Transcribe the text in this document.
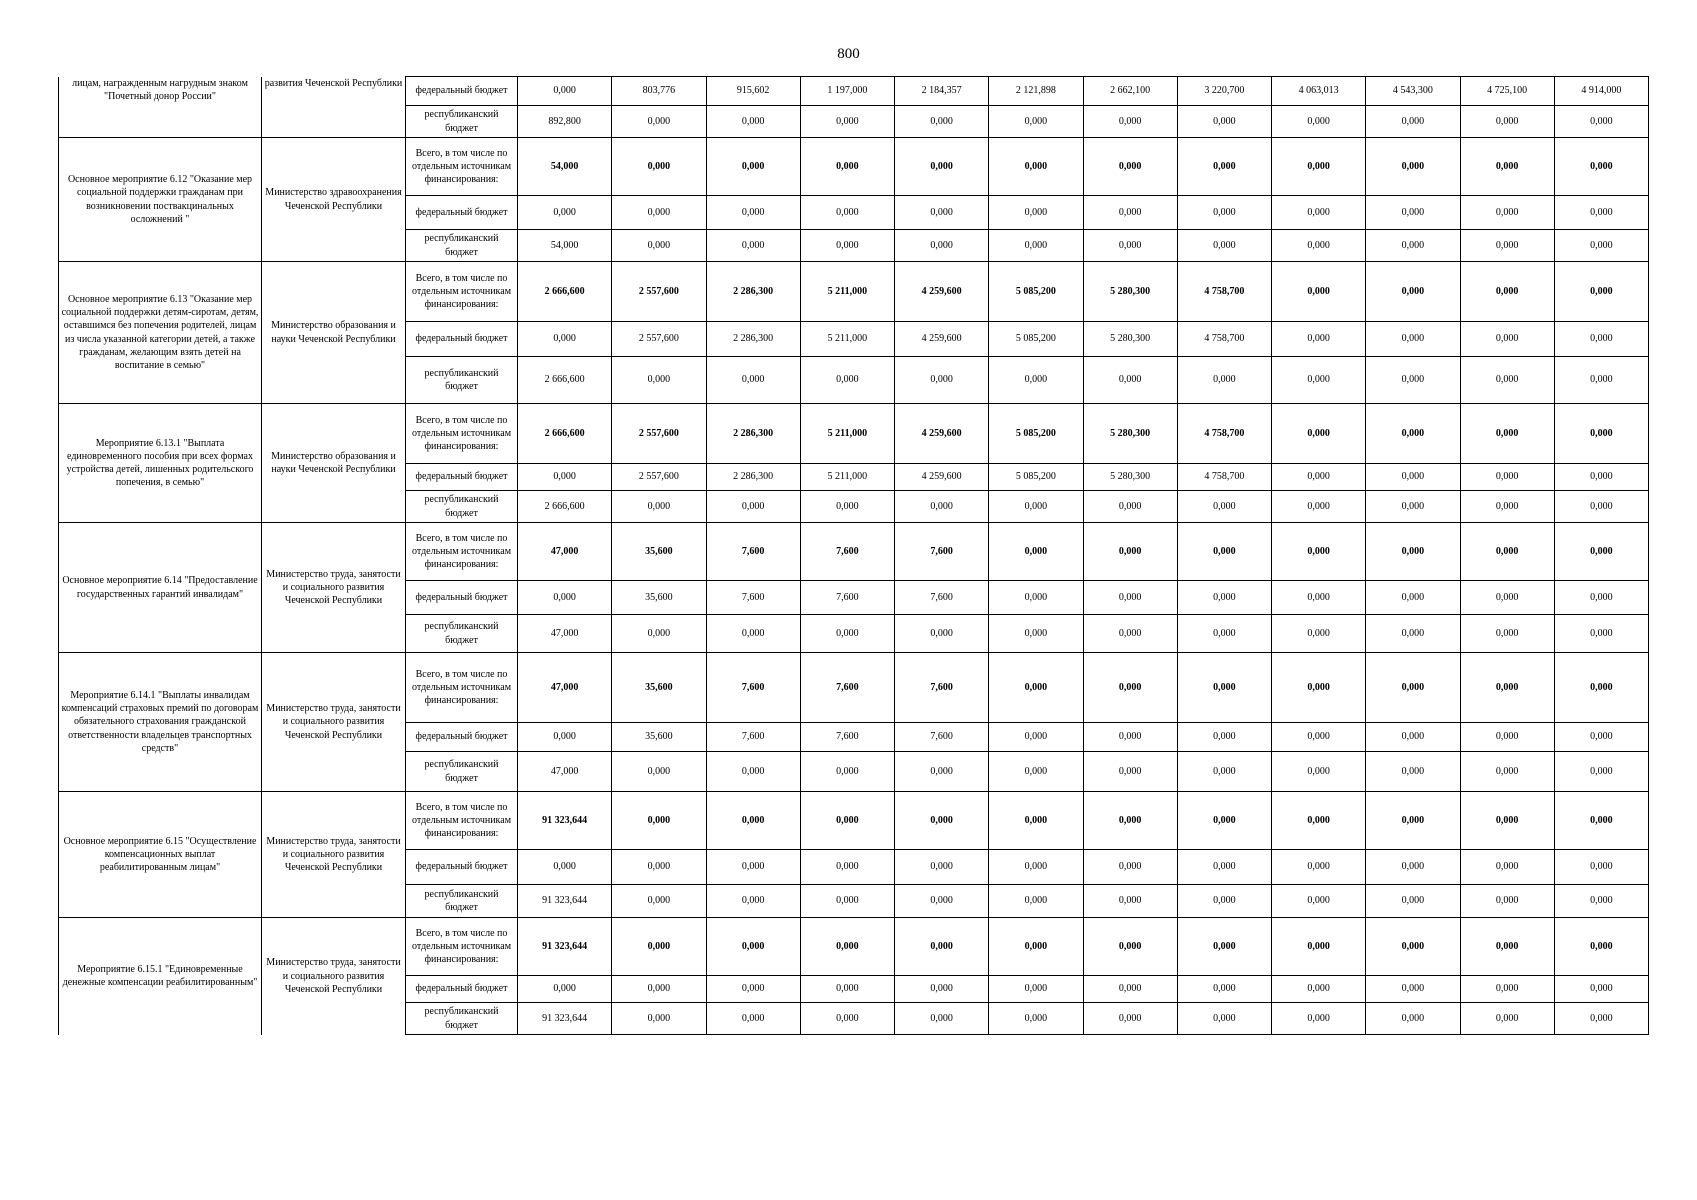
800
лицам, награжденным нагрудным знаком "Почетный донор России"	развития Чеченской Республики	федеральный бюджет	0,000	803,776	915,602	1 197,000	2 184,357	2 121,898	2 662,100	3 220,700	4 063,013	4 543,300	4 725,100	4 914,000
		республиканский бюджет	892,800	0,000	0,000	0,000	0,000	0,000	0,000	0,000	0,000	0,000	0,000	0,000
Основное мероприятие 6.12 "Оказание мер социальной поддержки гражданам при возникновении поствакцинальных осложнений "	Министерство здравоохранения Чеченской Республики	Всего, в том числе по отдельным источникам финансирования:	54,000	0,000	0,000	0,000	0,000	0,000	0,000	0,000	0,000	0,000	0,000	0,000
		федеральный бюджет	0,000	0,000	0,000	0,000	0,000	0,000	0,000	0,000	0,000	0,000	0,000	0,000
		республиканский бюджет	54,000	0,000	0,000	0,000	0,000	0,000	0,000	0,000	0,000	0,000	0,000	0,000
Основное мероприятие 6.13 "Оказание мер социальной поддержки детям-сиротам, детям, оставшимся без попечения родителей, лицам из числа указанной категории детей, а также гражданам, желающим взять детей на воспитание в семью"	Министерство образования и науки Чеченской Республики	Всего, в том числе по отдельным источникам финансирования:	2 666,600	2 557,600	2 286,300	5 211,000	4 259,600	5 085,200	5 280,300	4 758,700	0,000	0,000	0,000	0,000
		федеральный бюджет	0,000	2 557,600	2 286,300	5 211,000	4 259,600	5 085,200	5 280,300	4 758,700	0,000	0,000	0,000	0,000
		республиканский бюджет	2 666,600	0,000	0,000	0,000	0,000	0,000	0,000	0,000	0,000	0,000	0,000	0,000
Мероприятие 6.13.1 "Выплата единовременного пособия при всех формах устройства детей, лишенных родительского попечения, в семью"	Министерство образования и науки Чеченской Республики	Всего, в том числе по отдельным источникам финансирования:	2 666,600	2 557,600	2 286,300	5 211,000	4 259,600	5 085,200	5 280,300	4 758,700	0,000	0,000	0,000	0,000
		федеральный бюджет	0,000	2 557,600	2 286,300	5 211,000	4 259,600	5 085,200	5 280,300	4 758,700	0,000	0,000	0,000	0,000
		республиканский бюджет	2 666,600	0,000	0,000	0,000	0,000	0,000	0,000	0,000	0,000	0,000	0,000	0,000
Основное мероприятие 6.14 "Предоставление государственных гарантий инвалидам"	Министерство труда, занятости и социального развития Чеченской Республики	Всего, в том числе по отдельным источникам финансирования:	47,000	35,600	7,600	7,600	7,600	0,000	0,000	0,000	0,000	0,000	0,000	0,000
		федеральный бюджет	0,000	35,600	7,600	7,600	7,600	0,000	0,000	0,000	0,000	0,000	0,000	0,000
		республиканский бюджет	47,000	0,000	0,000	0,000	0,000	0,000	0,000	0,000	0,000	0,000	0,000	0,000
Мероприятие 6.14.1 "Выплаты инвалидам компенсаций страховых премий по договорам обязательного страхования гражданской ответственности владельцев транспортных средств"	Министерство труда, занятости и социального развития Чеченской Республики	Всего, в том числе по отдельным источникам финансирования:	47,000	35,600	7,600	7,600	7,600	0,000	0,000	0,000	0,000	0,000	0,000	0,000
		федеральный бюджет	0,000	35,600	7,600	7,600	7,600	0,000	0,000	0,000	0,000	0,000	0,000	0,000
		республиканский бюджет	47,000	0,000	0,000	0,000	0,000	0,000	0,000	0,000	0,000	0,000	0,000	0,000
Основное мероприятие 6.15 "Осуществление компенсационных выплат реабилитированным лицам"	Министерство труда, занятости и социального развития Чеченской Республики	Всего, в том числе по отдельным источникам финансирования:	91 323,644	0,000	0,000	0,000	0,000	0,000	0,000	0,000	0,000	0,000	0,000	0,000
		федеральный бюджет	0,000	0,000	0,000	0,000	0,000	0,000	0,000	0,000	0,000	0,000	0,000	0,000
		республиканский бюджет	91 323,644	0,000	0,000	0,000	0,000	0,000	0,000	0,000	0,000	0,000	0,000	0,000
Мероприятие 6.15.1 "Единовременные денежные компенсации реабилитированным"	Министерство труда, занятости и социального развития Чеченской Республики	Всего, в том числе по отдельным источникам финансирования:	91 323,644	0,000	0,000	0,000	0,000	0,000	0,000	0,000	0,000	0,000	0,000	0,000
		федеральный бюджет	0,000	0,000	0,000	0,000	0,000	0,000	0,000	0,000	0,000	0,000	0,000	0,000
		республиканский бюджет	91 323,644	0,000	0,000	0,000	0,000	0,000	0,000	0,000	0,000	0,000	0,000	0,000
